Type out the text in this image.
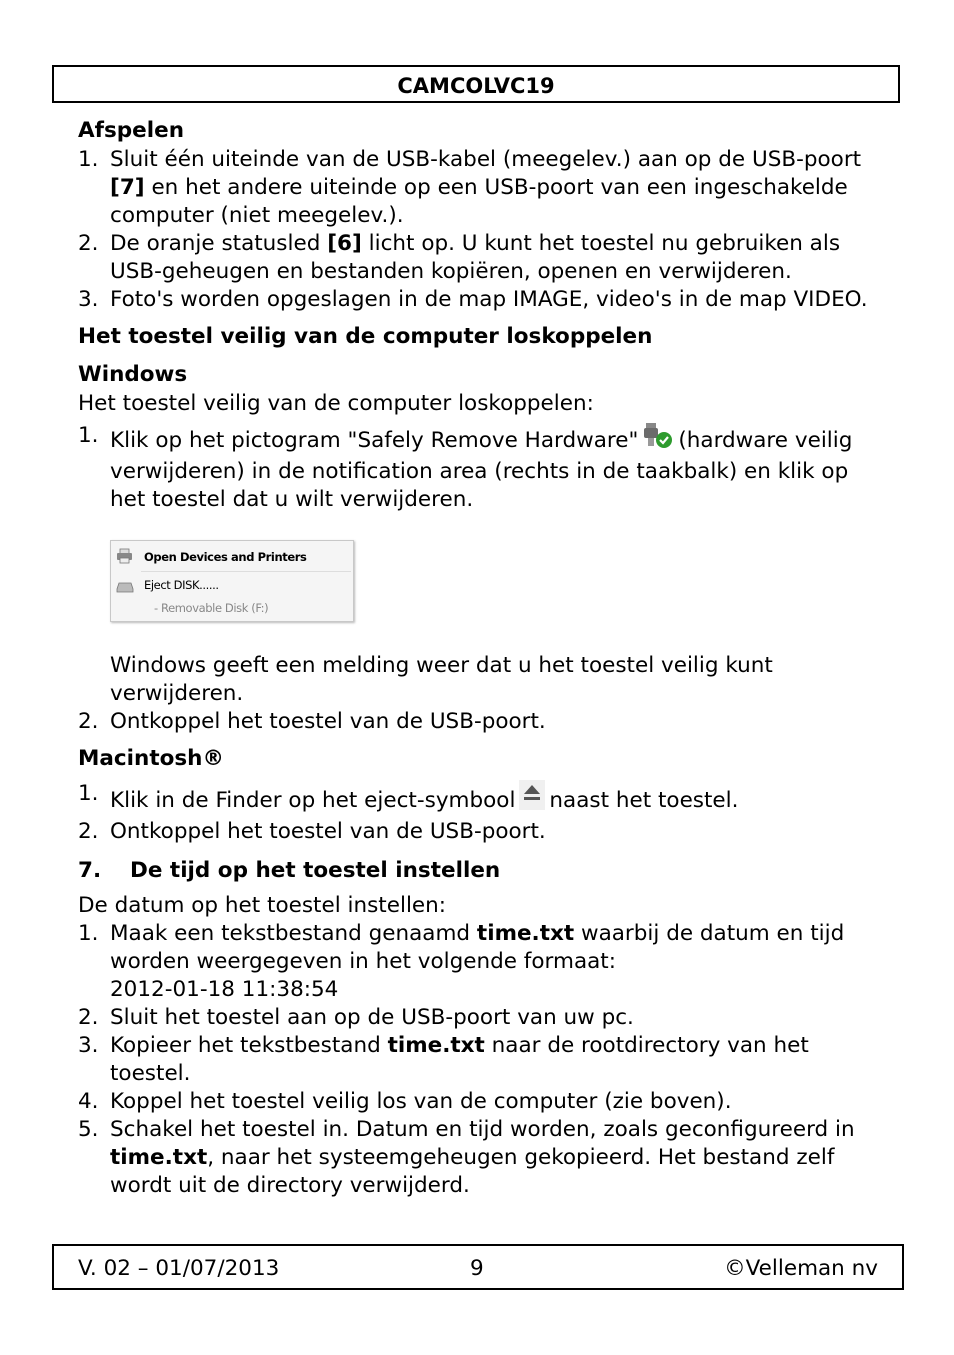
CAMCOLVC19
Afspelen
1. Sluit één uiteinde van de USB-kabel (meegelev.) aan op de USB-poort [7] en het andere uiteinde op een USB-poort van een ingeschakelde computer (niet meegelev.).
2. De oranje statusled [6] licht op. U kunt het toestel nu gebruiken als USB-geheugen en bestanden kopiëren, openen en verwijderen.
3. Foto's worden opgeslagen in de map IMAGE, video's in de map VIDEO.
Het toestel veilig van de computer loskoppelen
Windows

Het toestel veilig van de computer loskoppelen:

1. Klik op het pictogram "Safely Remove Hardware" (hardware veilig verwijderen) in de notification area (rechts in de taakbalk) en klik op het toestel dat u wilt verwijderen.
Open Devices and Printers
Eject DISK......
- Removable Disk (F:)

Windows geeft een melding weer dat u het toestel veilig kunt verwijderen.

2. Ontkoppel het toestel van de USB-poort.
Macintosh®
1. Klik in de Finder op het eject-symbool naast het toestel.
2. Ontkoppel het toestel van de USB-poort.
7. De tijd op het toestel instellen

De datum op het toestel instellen:

1. Maak een tekstbestand genaamd time.txt waarbij de datum en tijd worden weergegeven in het volgende formaat:
2012-01-18 11:38:54
2. Sluit het toestel aan op de USB-poort van uw pc.
3. Kopieer het tekstbestand time.txt naar de rootdirectory van het toestel.
4. Koppel het toestel veilig los van de computer (zie boven).
5. Schakel het toestel in. Datum en tijd worden, zoals geconfigureerd in time.txt, naar het systeemgeheugen gekopieerd. Het bestand zelf wordt uit de directory verwijderd.
V. 02 – 01/07/2013	9	©Velleman nv
